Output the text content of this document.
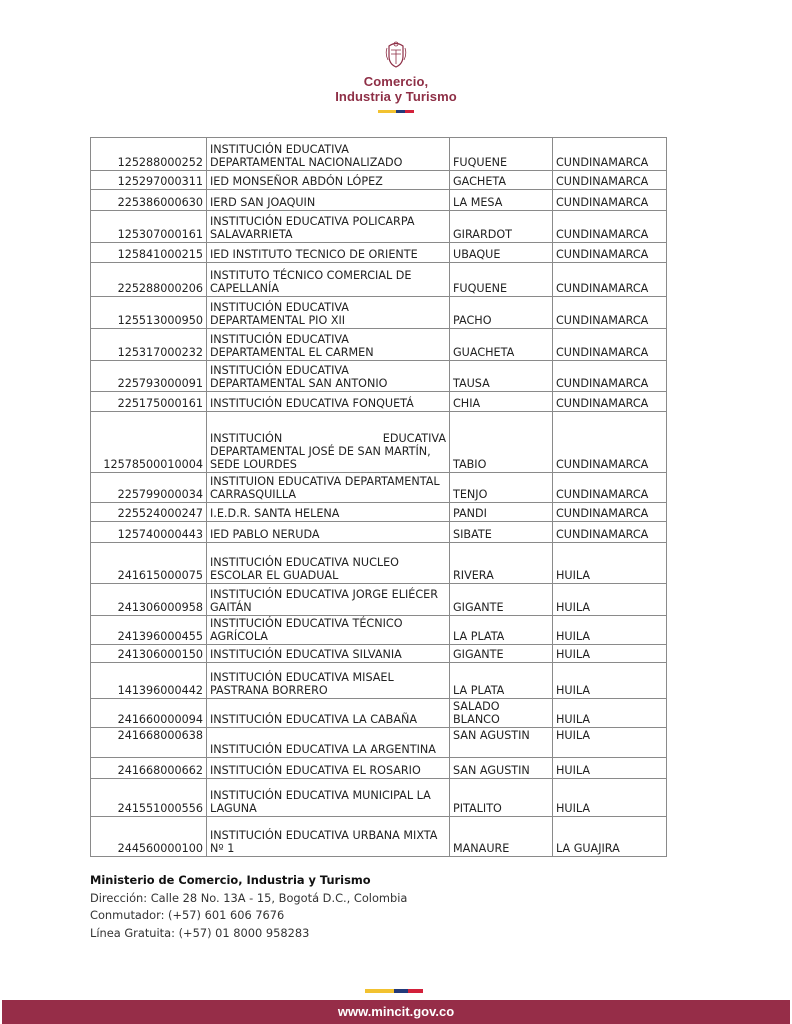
Comercio,
Industria y Turismo
125288000252	INSTITUCIÓN EDUCATIVA DEPARTAMENTAL NACIONALIZADO	FUQUENE	CUNDINAMARCA
125297000311	IED MONSEÑOR ABDÓN LÓPEZ	GACHETA	CUNDINAMARCA
225386000630	IERD SAN JOAQUIN	LA MESA	CUNDINAMARCA
125307000161	INSTITUCIÓN EDUCATIVA POLICARPA SALAVARRIETA	GIRARDOT	CUNDINAMARCA
125841000215	IED INSTITUTO TECNICO DE ORIENTE	UBAQUE	CUNDINAMARCA
225288000206	INSTITUTO TÉCNICO COMERCIAL DE CAPELLANÍA	FUQUENE	CUNDINAMARCA
125513000950	INSTITUCIÓN EDUCATIVA DEPARTAMENTAL PIO XII	PACHO	CUNDINAMARCA
125317000232	INSTITUCIÓN EDUCATIVA DEPARTAMENTAL EL CARMEN	GUACHETA	CUNDINAMARCA
225793000091	INSTITUCIÓN EDUCATIVA DEPARTAMENTAL SAN ANTONIO	TAUSA	CUNDINAMARCA
225175000161	INSTITUCIÓN EDUCATIVA FONQUETÁ	CHIA	CUNDINAMARCA
12578500010004	INSTITUCIÓN EDUCATIVA DEPARTAMENTAL JOSÉ DE SAN MARTÍN,
SEDE LOURDES	TABIO	CUNDINAMARCA
225799000034	INSTITUION EDUCATIVA DEPARTAMENTAL CARRASQUILLA	TENJO	CUNDINAMARCA
225524000247	I.E.D.R. SANTA HELENA	PANDI	CUNDINAMARCA
125740000443	IED PABLO NERUDA	SIBATE	CUNDINAMARCA
241615000075	INSTITUCIÓN EDUCATIVA NUCLEO ESCOLAR EL GUADUAL	RIVERA	HUILA
241306000958	INSTITUCIÓN EDUCATIVA JORGE ELIÉCER GAITÁN	GIGANTE	HUILA
241396000455	INSTITUCIÓN EDUCATIVA TÉCNICO AGRÍCOLA	LA PLATA	HUILA
241306000150	INSTITUCIÓN EDUCATIVA SILVANIA	GIGANTE	HUILA
141396000442	INSTITUCIÓN EDUCATIVA MISAEL PASTRANA BORRERO	LA PLATA	HUILA
241660000094	INSTITUCIÓN EDUCATIVA LA CABAÑA	SALADO BLANCO	HUILA
241668000638	INSTITUCIÓN EDUCATIVA LA ARGENTINA	SAN AGUSTIN	HUILA
241668000662	INSTITUCIÓN EDUCATIVA EL ROSARIO	SAN AGUSTIN	HUILA
241551000556	INSTITUCIÓN EDUCATIVA MUNICIPAL LA LAGUNA	PITALITO	HUILA
244560000100	INSTITUCIÓN EDUCATIVA URBANA MIXTA
Nº 1	MANAURE	LA GUAJIRA
Ministerio de Comercio, Industria y Turismo
Dirección: Calle 28 No. 13A - 15, Bogotá D.C., Colombia
Conmutador: (+57) 601 606 7676
Línea Gratuita: (+57) 01 8000 958283
www.mincit.gov.co
